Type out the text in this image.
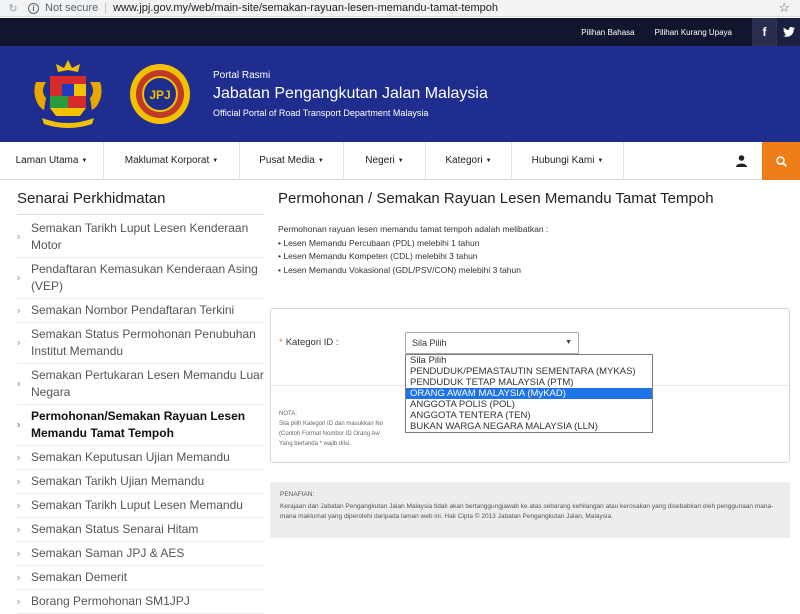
↻	i Not secure | www.jpj.gov.my/web/main-site/semakan-rayuan-lesen-memandu-tamat-tempoh	☆
Pilihan Bahasa	Pilihan Kurang Upaya	f
JPJ
Portal Rasmi
Jabatan Pengangkutan Jalan Malaysia
Official Portal of Road Transport Department Malaysia
Laman Utama ▼	Maklumat Korporat ▼	Pusat Media ▼	Negeri ▼	Kategori ▼	Hubungi Kami ▼
Senarai Perkhidmatan
›
Semakan Tarikh Luput Lesen Kenderaan Motor
›
Pendaftaran Kemasukan Kenderaan Asing (VEP)
› Semakan Nombor Pendaftaran Terkini
›
Semakan Status Permohonan Penubuhan Institut Memandu
›
Semakan Pertukaran Lesen Memandu Luar Negara
›
Permohonan/Semakan Rayuan Lesen Memandu Tamat Tempoh
› Semakan Keputusan Ujian Memandu
› Semakan Tarikh Ujian Memandu
› Semakan Tarikh Luput Lesen Memandu
› Semakan Status Senarai Hitam
› Semakan Saman JPJ & AES
› Semakan Demerit
› Borang Permohonan SM1JPJ
Permohonan / Semakan Rayuan Lesen Memandu Tamat Tempoh
Permohonan rayuan lesen memandu tamat tempoh adalah melibatkan :
• Lesen Memandu Percubaan (PDL) melebihi 1 tahun
• Lesen Memandu Kompeten (CDL) melebihi 3 tahun
• Lesen Memandu Vokasional (GDL/PSV/CON) melebihi 3 tahun
* Kategori ID :	Sila Pilih	▼
Sila Pilih
PENDUDUK/PEMASTAUTIN SEMENTARA (MYKAS)
PENDUDUK TETAP MALAYSIA (PTM)
ORANG AWAM MALAYSIA (MyKAD)
ANGGOTA POLIS (POL)
ANGGOTA TENTERA (TEN)
BUKAN WARGA NEGARA MALAYSIA (LLN)
NOTA:
Sila pilih Kategori ID dan masukkan No
(Contoh Format Nombor ID Orang Aw
Yang bertanda * wajib diisi.
PENAFIAN:
Kerajaan dan Jabatan Pengangkutan Jalan Malaysia tidak akan bertanggungjawab ke atas sebarang kehilangan atau kerosakan yang disebabkan oleh penggunaan mana-mana maklumat yang diperolehi daripada laman web ini. Hak Cipta © 2013 Jabatan Pengangkutan Jalan, Malaysia.
